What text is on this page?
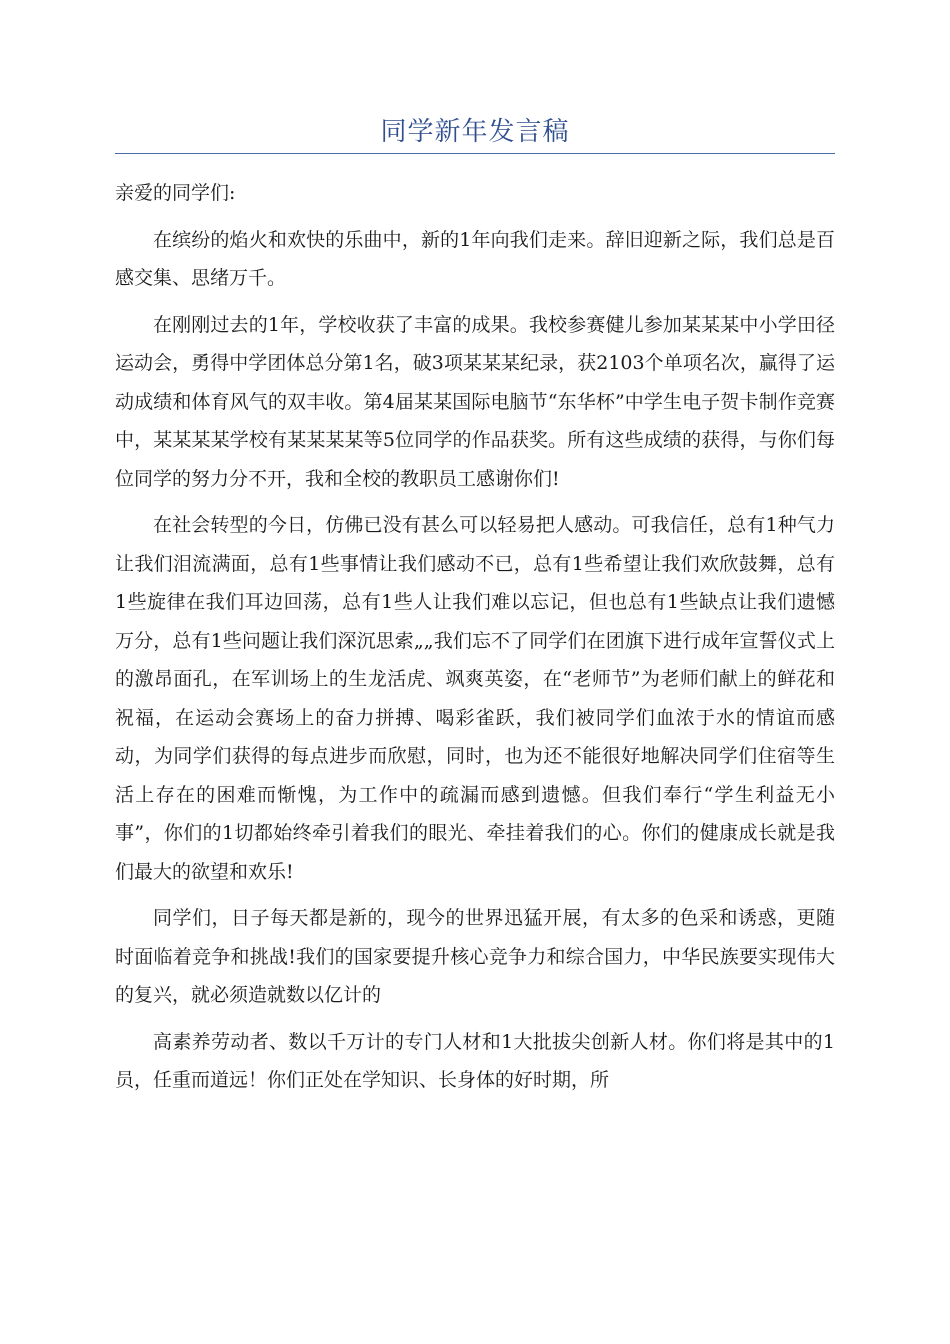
同学新年发言稿

亲爱的同学们:

在缤纷的焰火和欢快的乐曲中，新的1年向我们走来。辞旧迎新之际，我们总是百感交集、思绪万千。

在刚刚过去的1年，学校收获了丰富的成果。我校参赛健儿参加某某某中小学田径运动会，勇得中学团体总分第1名，破3项某某某纪录，获2103个单项名次，赢得了运动成绩和体育风气的双丰收。第4届某某国际电脑节“东华杯”中学生电子贺卡制作竞赛中，某某某某学校有某某某某等5位同学的作品获奖。所有这些成绩的获得，与你们每位同学的努力分不开，我和全校的教职员工感谢你们!

在社会转型的今日，仿佛已没有甚么可以轻易把人感动。可我信任，总有1种气力让我们泪流满面，总有1些事情让我们感动不已，总有1些希望让我们欢欣鼓舞，总有1些旋律在我们耳边回荡，总有1些人让我们难以忘记，但也总有1些缺点让我们遗憾万分，总有1些问题让我们深沉思索„„我们忘不了同学们在团旗下进行成年宣誓仪式上的激昂面孔，在军训场上的生龙活虎、飒爽英姿，在“老师节”为老师们献上的鲜花和祝福，在运动会赛场上的奋力拼搏、喝彩雀跃，我们被同学们血浓于水的情谊而感动，为同学们获得的每点进步而欣慰，同时，也为还不能很好地解决同学们住宿等生活上存在的困难而惭愧，为工作中的疏漏而感到遗憾。但我们奉行“学生利益无小事”，你们的1切都始终牵引着我们的眼光、牵挂着我们的心。你们的健康成长就是我们最大的欲望和欢乐!

同学们，日子每天都是新的，现今的世界迅猛开展，有太多的色采和诱惑，更随时面临着竞争和挑战!我们的国家要提升核心竞争力和综合国力，中华民族要实现伟大的复兴，就必须造就数以亿计的

高素养劳动者、数以千万计的专门人材和1大批拔尖创新人材。你们将是其中的1员，任重而道远！你们正处在学知识、长身体的好时期，所
